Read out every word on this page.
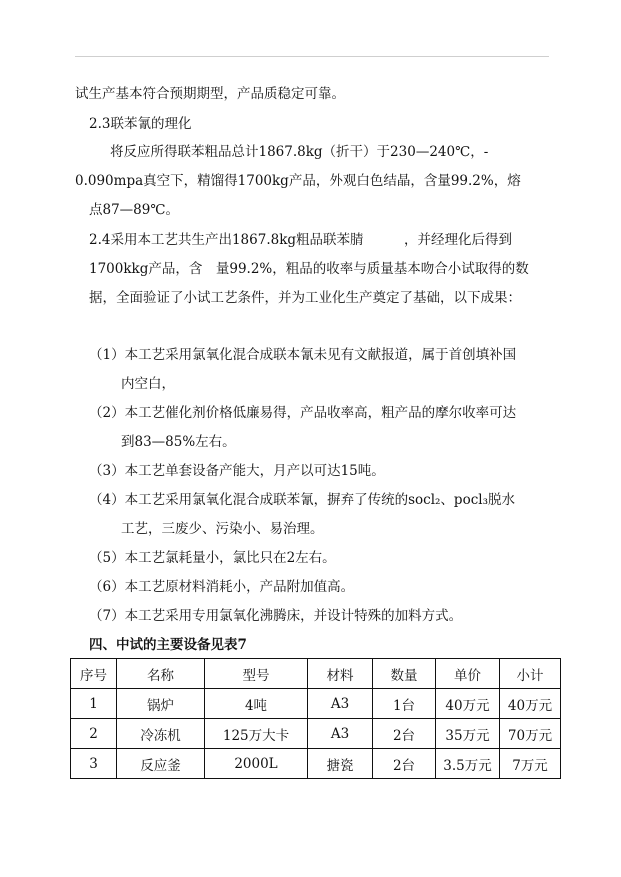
试生产基本符合预期期型，产品质稳定可靠。
2.3联苯氰的理化
将反应所得联苯粗品总计1867.8kg（折干）于230—240℃，-
0.090mpa真空下，精馏得1700kg产品，外观白色结晶，含量99.2%，熔
点87—89℃。
2.4采用本工艺共生产出1867.8kg粗品联苯腈　　　，并经理化后得到
1700kkg产品，含　量99.2%，粗品的收率与质量基本吻合小试取得的数
据，全面验证了小试工艺条件，并为工业化生产奠定了基础，以下成果：
（1）本工艺采用氯氧化混合成联本氰未见有文献报道，属于首创填补国
内空白，
（2）本工艺催化剂价格低廉易得，产品收率高，粗产品的摩尔收率可达
到83—85%左右。
（3）本工艺单套设备产能大，月产以可达15吨。
（4）本工艺采用氯氧化混合成联苯氰，摒弃了传统的socl₂、pocl₃脱水
工艺，三废少、污染小、易治理。
（5）本工艺氯耗量小，氯比只在2左右。
（6）本工艺原材料消耗小，产品附加值高。
（7）本工艺采用专用氯氧化沸腾床，并设计特殊的加料方式。
四、中试的主要设备见表7
序号	名称	型号	材料	数量	单价	小计
1	锅炉	4吨	A3	1台	40万元	40万元
2	冷冻机	125万大卡	A3	2台	35万元	70万元
3	反应釜	2000L	搪瓷	2台	3.5万元	7万元
